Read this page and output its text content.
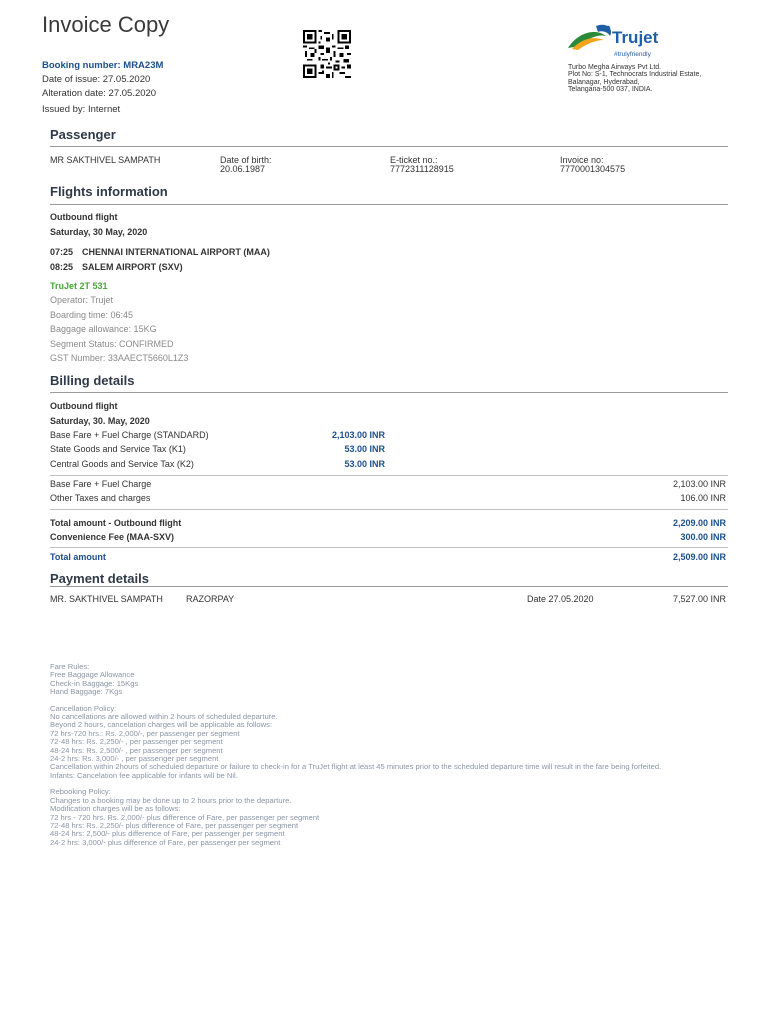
Invoice Copy
Booking number: MRA23M
Date of issue: 27.05.2020
Alteration date: 27.05.2020
Issued by: Internet
Trujet
#trulyfriendly
Turbo Megha Airways Pvt Ltd.
Plot No: S-1, Technocrats Industrial Estate,
Balanagar, Hyderabad,
Telangana-500 037, INDIA.
Passenger
MR SAKTHIVEL SAMPATH	Date of birth:
20.06.1987
E-ticket no.:
7772311128915
Invoice no:
7770001304575
Flights information
Outbound flight
Saturday, 30 May, 2020
07:25 CHENNAI INTERNATIONAL AIRPORT (MAA)
08:25 SALEM AIRPORT (SXV)
TruJet 2T 531
Operator: Trujet
Boarding time: 06:45
Baggage allowance: 15KG
Segment Status: CONFIRMED
GST Number: 33AAECT5660L1Z3
Billing details
Outbound flight
Saturday, 30. May, 2020
Base Fare + Fuel Charge (STANDARD)	2,103.00 INR
State Goods and Service Tax (K1)	53.00 INR
Central Goods and Service Tax (K2)	53.00 INR
Base Fare + Fuel Charge	2,103.00 INR
Other Taxes and charges	106.00 INR
Total amount - Outbound flight	2,209.00 INR
Convenience Fee (MAA-SXV)	300.00 INR
Total amount	2,509.00 INR
Payment details
MR. SAKTHIVEL SAMPATH	RAZORPAY	Date 27.05.2020	7,527.00 INR
Fare Rules:
Free Baggage Allowance
Check-in Baggage: 15Kgs
Hand Baggage: 7Kgs
Cancellation Policy:
No cancellations are allowed within 2 hours of scheduled departure.
Beyond 2 hours, cancelation charges will be applicable as follows:
72 hrs-720 hrs.: Rs. 2,000/-, per passenger per segment
72-48 hrs: Rs. 2,250/- , per passenger per segment
48-24 hrs: Rs. 2,500/- , per passenger per segment
24-2 hrs: Rs. 3,000/- , per passenger per segment
Cancellation within 2hours of scheduled departure or failure to check-in for a TruJet flight at least 45 minutes prior to the scheduled departure time will result in the fare being forfeited.
Infants: Cancelation fee applicable for infants will be Nil.
Rebooking Policy:
Changes to a booking may be done up to 2 hours prior to the departure.
Modification charges will be as follows:
72 hrs - 720 hrs. Rs. 2,000/- plus difference of Fare, per passenger per segment
72-48 hrs: Rs. 2,250/- plus difference of Fare, per passenger per segment
48-24 hrs: 2,500/- plus difference of Fare, per passenger per segment
24-2 hrs: 3,000/- plus difference of Fare, per passenger per segment
